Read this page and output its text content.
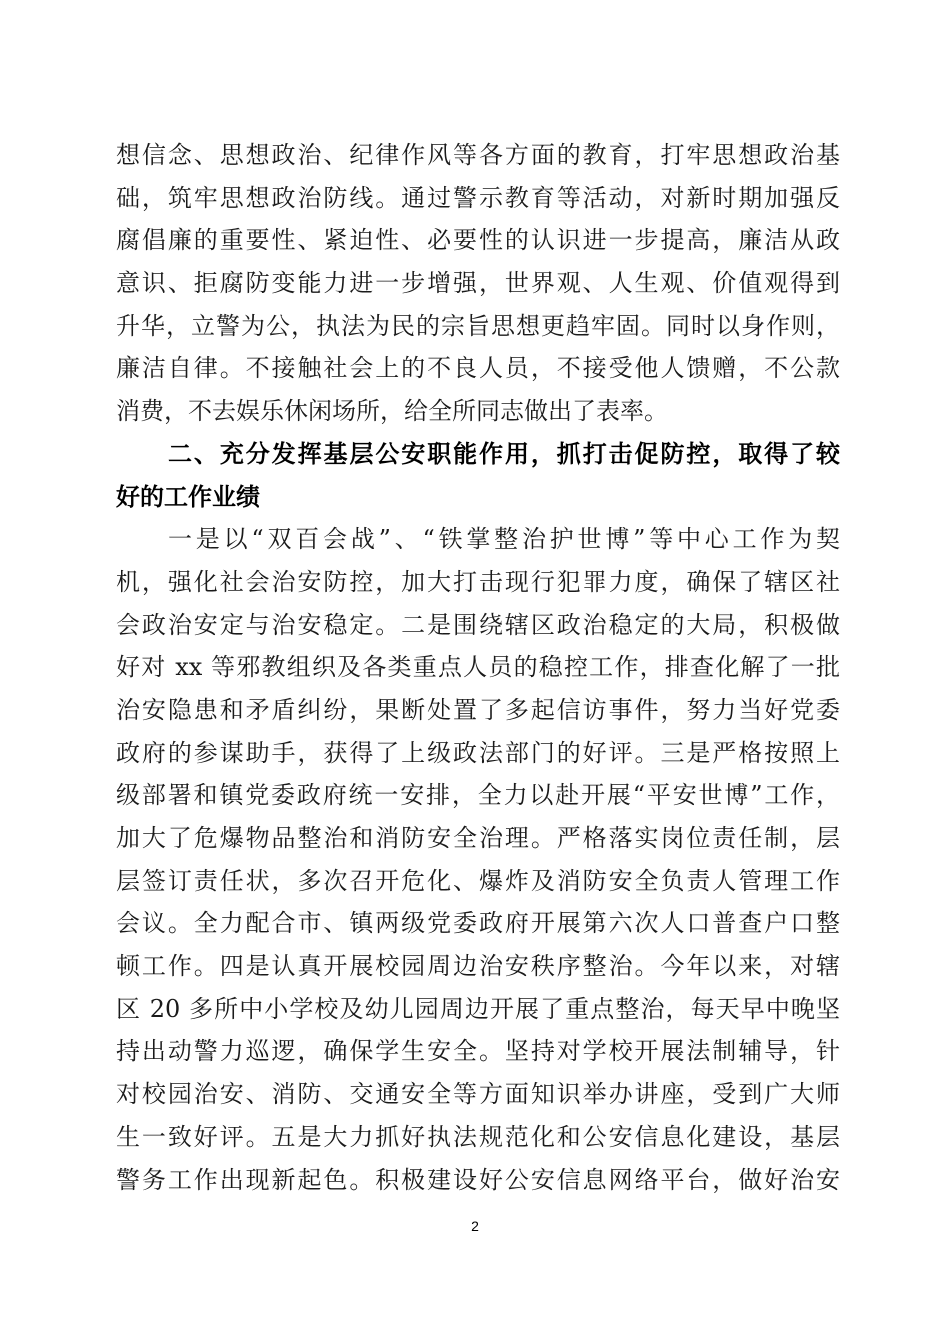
想信念、思想政治、纪律作风等各方面的教育，打牢思想政治基
础，筑牢思想政治防线。通过警示教育等活动，对新时期加强反
腐倡廉的重要性、紧迫性、必要性的认识进一步提高，廉洁从政
意识、拒腐防变能力进一步增强，世界观、人生观、价值观得到
升华，立警为公，执法为民的宗旨思想更趋牢固。同时以身作则，
廉洁自律。不接触社会上的不良人员，不接受他人馈赠，不公款
消费，不去娱乐休闲场所，给全所同志做出了表率。
二、充分发挥基层公安职能作用，抓打击促防控，取得了较
好的工作业绩
一是以“双百会战”、“铁掌整治护世博”等中心工作为契
机，强化社会治安防控，加大打击现行犯罪力度，确保了辖区社
会政治安定与治安稳定。二是围绕辖区政治稳定的大局，积极做
好对 xx 等邪教组织及各类重点人员的稳控工作，排查化解了一批
治安隐患和矛盾纠纷，果断处置了多起信访事件，努力当好党委
政府的参谋助手，获得了上级政法部门的好评。三是严格按照上
级部署和镇党委政府统一安排，全力以赴开展“平安世博”工作，
加大了危爆物品整治和消防安全治理。严格落实岗位责任制，层
层签订责任状，多次召开危化、爆炸及消防安全负责人管理工作
会议。全力配合市、镇两级党委政府开展第六次人口普查户口整
顿工作。四是认真开展校园周边治安秩序整治。今年以来，对辖
区 20 多所中小学校及幼儿园周边开展了重点整治，每天早中晚坚
持出动警力巡逻，确保学生安全。坚持对学校开展法制辅导，针
对校园治安、消防、交通安全等方面知识举办讲座，受到广大师
生一致好评。五是大力抓好执法规范化和公安信息化建设，基层
警务工作出现新起色。积极建设好公安信息网络平台，做好治安
2
